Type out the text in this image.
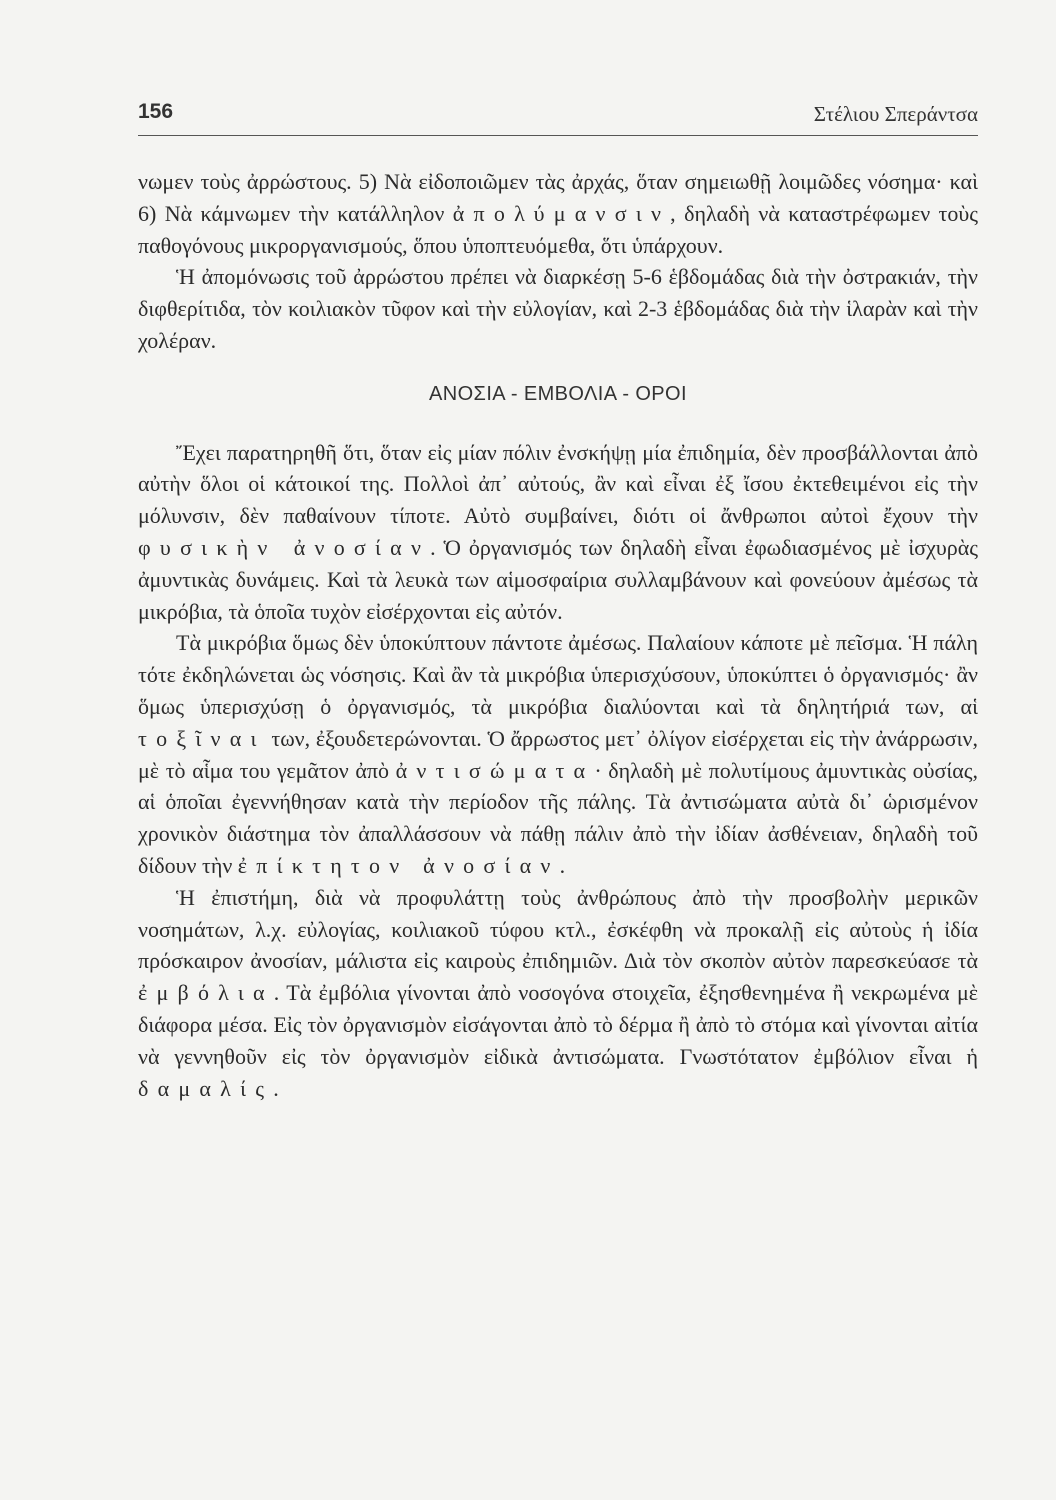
156	Στέλιου Σπεράντσα

νωμεν τοὺς ἀρρώστους. 5) Νὰ εἰδοποιῶμεν τὰς ἀρχάς, ὅταν σημειωθῇ λοιμῶδες νόσημα· καὶ 6) Νὰ κάμνωμεν τὴν κατάλληλον ἀπολύμανσιν, δηλαδὴ νὰ καταστρέφωμεν τοὺς παθογόνους μικροργανισμούς, ὅπου ὑποπτευόμεθα, ὅτι ὑπάρχουν.

Ἡ ἀπομόνωσις τοῦ ἀρρώστου πρέπει νὰ διαρκέσῃ 5-6 ἑβδομάδας διὰ τὴν ὀστρακιάν, τὴν διφθερίτιδα, τὸν κοιλιακὸν τῦφον καὶ τὴν εὐλογίαν, καὶ 2-3 ἑβδομάδας διὰ τὴν ἱλαρὰν καὶ τὴν χολέραν.

ΑΝΟΣΙΑ - ΕΜΒΟΛΙΑ - ΟΡΟΙ

Ἔχει παρατηρηθῆ ὅτι, ὅταν εἰς μίαν πόλιν ἐνσκήψῃ μία ἐπιδημία, δὲν προσβάλλονται ἀπὸ αὐτὴν ὅλοι οἱ κάτοικοί της. Πολλοὶ ἀπ᾽ αὐτούς, ἂν καὶ εἶναι ἐξ ἴσου ἐκτεθειμένοι εἰς τὴν μόλυνσιν, δὲν παθαίνουν τίποτε. Αὐτὸ συμβαίνει, διότι οἱ ἄνθρωποι αὐτοὶ ἔχουν τὴν φυσικὴν ἀνοσίαν. Ὁ ὀργανισμός των δηλαδὴ εἶναι ἐφωδιασμένος μὲ ἰσχυρὰς ἀμυντικὰς δυνάμεις. Καὶ τὰ λευκὰ των αἱμοσφαίρια συλλαμβάνουν καὶ φονεύουν ἀμέσως τὰ μικρόβια, τὰ ὁποῖα τυχὸν εἰσέρχονται εἰς αὐτόν.

Τὰ μικρόβια ὅμως δὲν ὑποκύπτουν πάντοτε ἀμέσως. Παλαίουν κάποτε μὲ πεῖσμα. Ἡ πάλη τότε ἐκδηλώνεται ὡς νόσησις. Καὶ ἂν τὰ μικρόβια ὑπερισχύσουν, ὑποκύπτει ὁ ὀργανισμός· ἂν ὅμως ὑπερισχύσῃ ὁ ὀργανισμός, τὰ μικρόβια διαλύονται καὶ τὰ δηλητήριά των, αἱ τοξῖναι των, ἐξουδετερώνονται. Ὁ ἄρρωστος μετ᾽ ὀλίγον εἰσέρχεται εἰς τὴν ἀνάρρωσιν, μὲ τὸ αἷμα του γεμᾶτον ἀπὸ ἀντισώματα· δηλαδὴ μὲ πολυτίμους ἀμυντικὰς οὐσίας, αἱ ὁποῖαι ἐγεννήθησαν κατὰ τὴν περίοδον τῆς πάλης. Τὰ ἀντισώματα αὐτὰ δι᾽ ὡρισμένον χρονικὸν διάστημα τὸν ἀπαλλάσσουν νὰ πάθῃ πάλιν ἀπὸ τὴν ἰδίαν ἀσθένειαν, δηλαδὴ τοῦ δίδουν τὴν ἐπίκτητον ἀνοσίαν.

Ἡ ἐπιστήμη, διὰ νὰ προφυλάττῃ τοὺς ἀνθρώπους ἀπὸ τὴν προσβολὴν μερικῶν νοσημάτων, λ.χ. εὐλογίας, κοιλιακοῦ τύφου κτλ., ἐσκέφθη νὰ προκαλῇ εἰς αὐτοὺς ἡ ἰδία πρόσκαιρον ἀνοσίαν, μάλιστα εἰς καιροὺς ἐπιδημιῶν. Διὰ τὸν σκοπὸν αὐτὸν παρεσκεύασε τὰ ἐμβόλια. Τὰ ἐμβόλια γίνονται ἀπὸ νοσογόνα στοιχεῖα, ἐξησθενημένα ἢ νεκρωμένα μὲ διάφορα μέσα. Εἰς τὸν ὀργανισμὸν εἰσάγονται ἀπὸ τὸ δέρμα ἢ ἀπὸ τὸ στόμα καὶ γίνονται αἰτία νὰ γεννηθοῦν εἰς τὸν ὀργανισμὸν εἰδικὰ ἀντισώματα. Γνωστότατον ἐμβόλιον εἶναι ἡ δαμαλίς.
